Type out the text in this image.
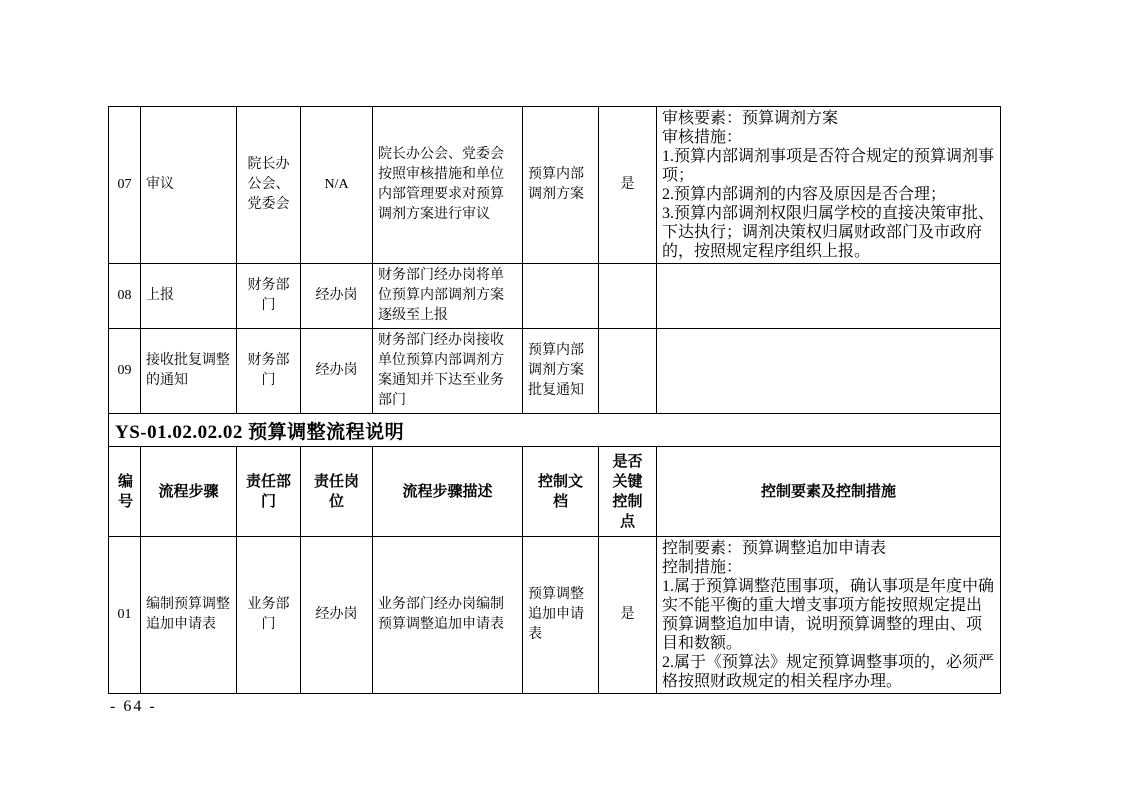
07	审议	院长办公会、党委会	N/A	院长办公会、党委会按照审核措施和单位内部管理要求对预算调剂方案进行审议	预算内部调剂方案	是	审核要素：预算调剂方案
审核措施：
1.预算内部调剂事项是否符合规定的预算调剂事项；
2.预算内部调剂的内容及原因是否合理；
3.预算内部调剂权限归属学校的直接决策审批、下达执行；调剂决策权归属财政部门及市政府的，按照规定程序组织上报。

08	上报	财务部门	经办岗	财务部门经办岗将单位预算内部调剂方案逐级至上报			
09	接收批复调整的通知	财务部门	经办岗	财务部门经办岗接收单位预算内部调剂方案通知并下达至业务部门	预算内部调剂方案批复通知		
YS-01.02.02.02 预算调整流程说明							
编号	流程步骤	责任部门	责任岗位	流程步骤描述	控制文档	是否关键控制点	控制要素及控制措施
01	编制预算调整追加申请表	业务部门	经办岗	业务部门经办岗编制预算调整追加申请表	预算调整追加申请表	是	控制要素：预算调整追加申请表
控制措施：
1.属于预算调整范围事项，确认事项是年度中确实不能平衡的重大增支事项方能按照规定提出预算调整追加申请，说明预算调整的理由、项目和数额。
2.属于《预算法》规定预算调整事项的，必须严格按照财政规定的相关程序办理。
- 64 -
